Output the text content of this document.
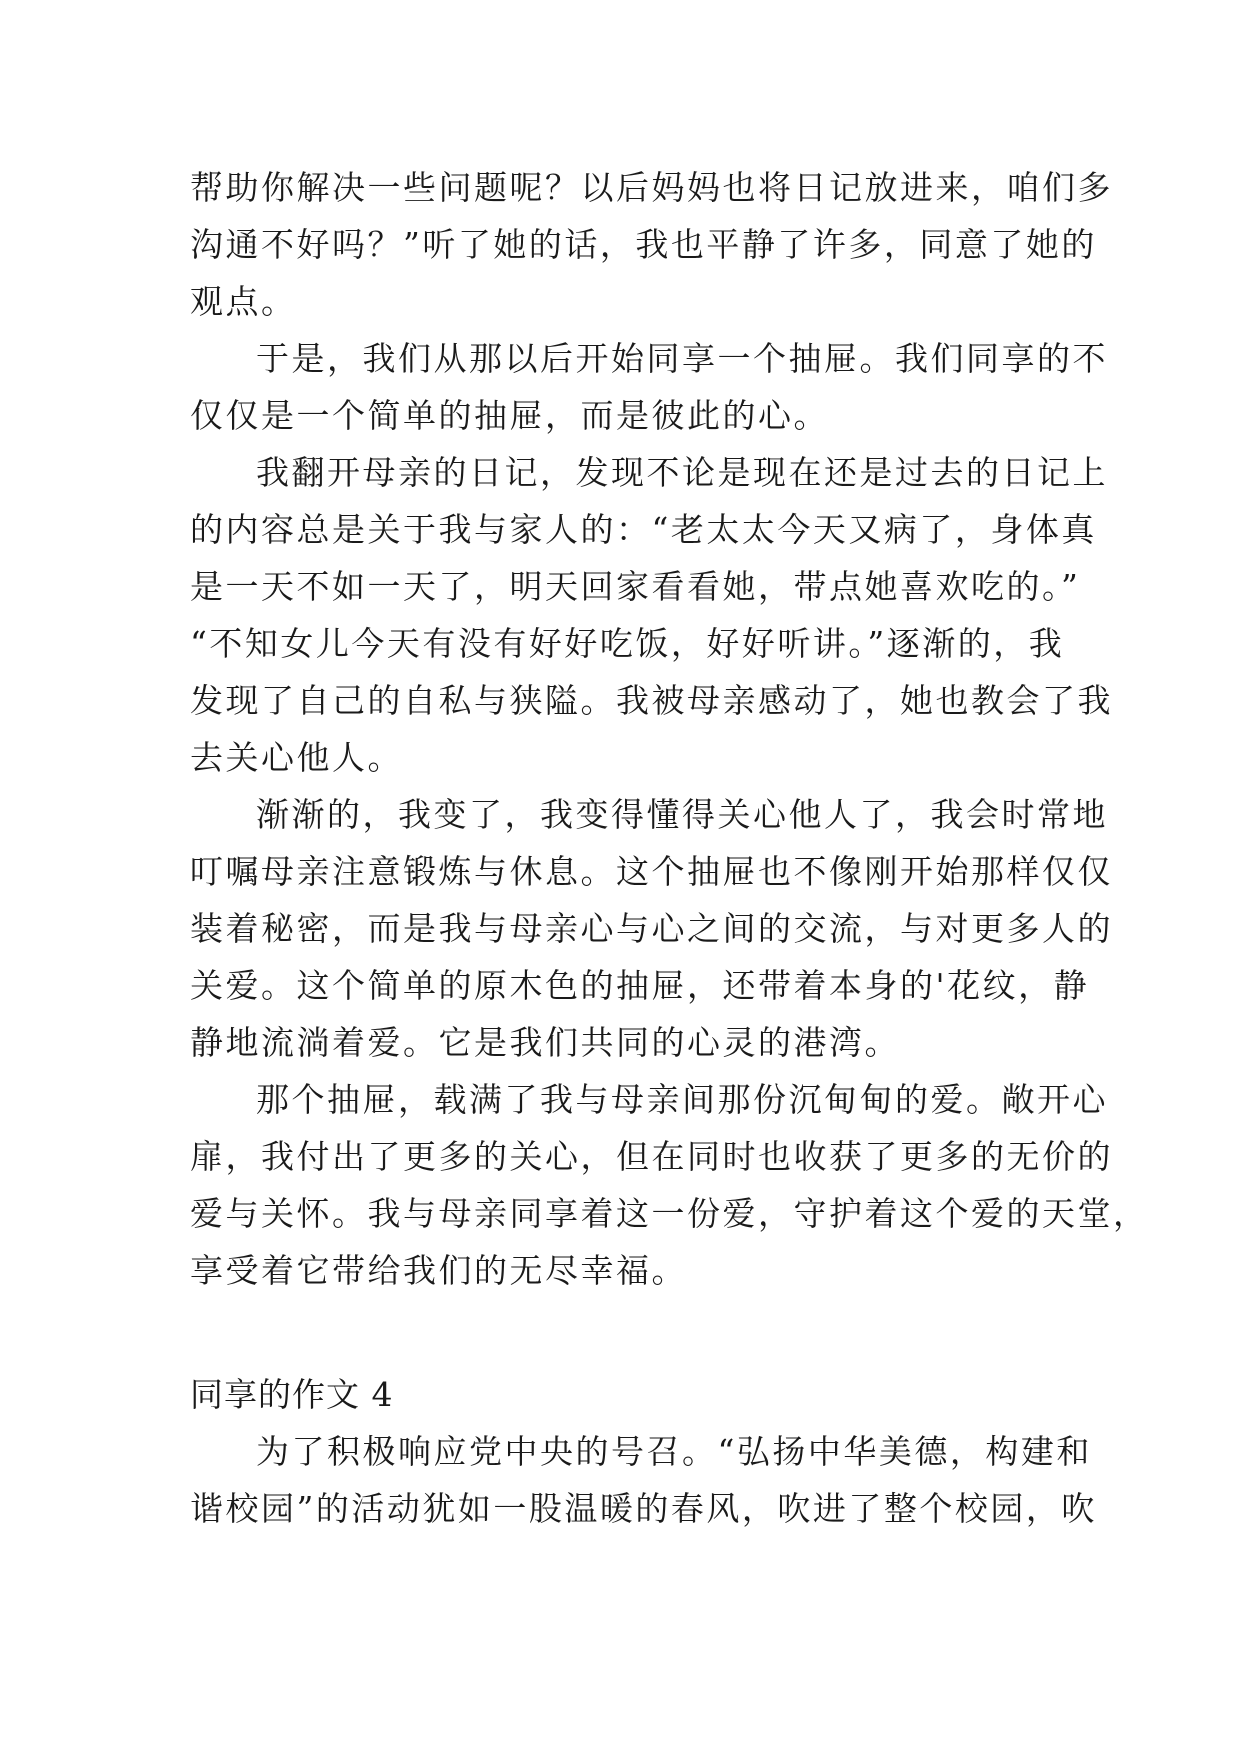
帮助你解决一些问题呢？以后妈妈也将日记放进来，咱们多
沟通不好吗？”听了她的话，我也平静了许多，同意了她的
观点。
于是，我们从那以后开始同享一个抽屉。我们同享的不
仅仅是一个简单的抽屉，而是彼此的心。
我翻开母亲的日记，发现不论是现在还是过去的日记上
的内容总是关于我与家人的：“老太太今天又病了，身体真
是一天不如一天了，明天回家看看她，带点她喜欢吃的。”
“不知女儿今天有没有好好吃饭，好好听讲。”逐渐的，我
发现了自己的自私与狭隘。我被母亲感动了，她也教会了我
去关心他人。
渐渐的，我变了，我变得懂得关心他人了，我会时常地
叮嘱母亲注意锻炼与休息。这个抽屉也不像刚开始那样仅仅
装着秘密，而是我与母亲心与心之间的交流，与对更多人的
关爱。这个简单的原木色的抽屉，还带着本身的'花纹，静
静地流淌着爱。它是我们共同的心灵的港湾。
那个抽屉，载满了我与母亲间那份沉甸甸的爱。敞开心
扉，我付出了更多的关心，但在同时也收获了更多的无价的
爱与关怀。我与母亲同享着这一份爱，守护着这个爱的天堂，
享受着它带给我们的无尽幸福。
同享的作文 4
为了积极响应党中央的号召。“弘扬中华美德，构建和
谐校园”的活动犹如一股温暖的春风，吹进了整个校园，吹
